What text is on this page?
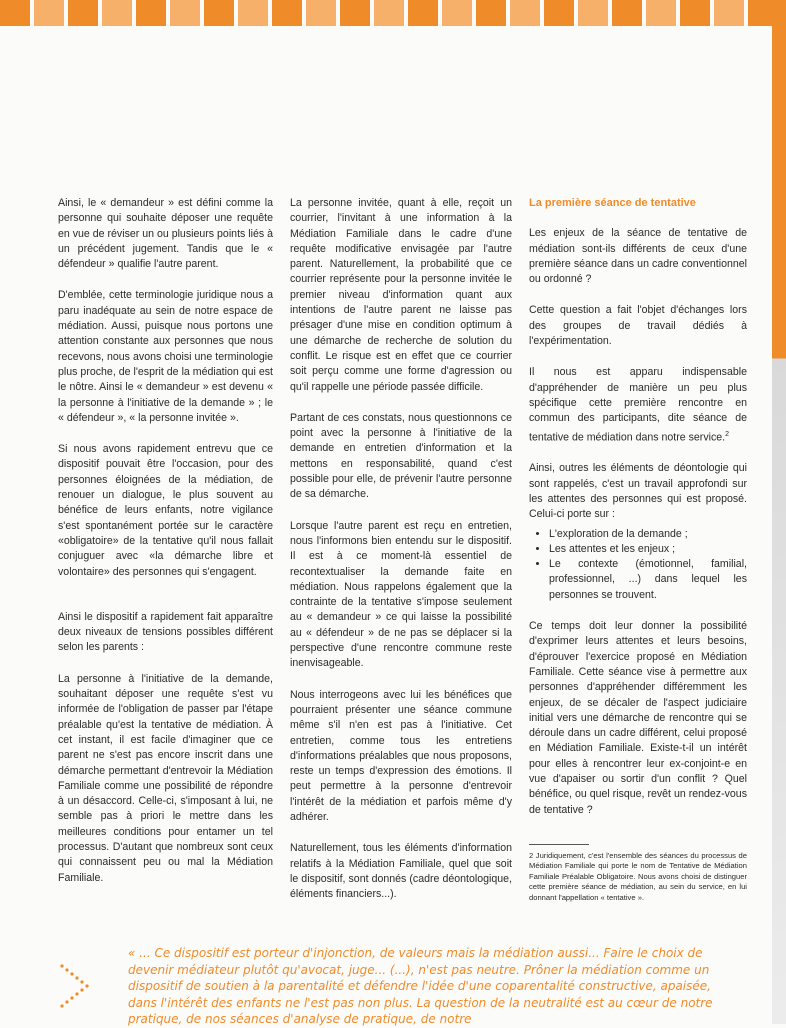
Ainsi, le « demandeur » est défini comme la personne qui souhaite déposer une requête en vue de réviser un ou plusieurs points liés à un précédent jugement. Tandis que le « défendeur » qualifie l'autre parent.

D'emblée, cette terminologie juridique nous a paru inadéquate au sein de notre espace de médiation. Aussi, puisque nous portons une attention constante aux personnes que nous recevons, nous avons choisi une terminologie plus proche, de l'esprit de la médiation qui est le nôtre. Ainsi le « demandeur » est devenu « la personne à l'initiative de la demande » ; le « défendeur », « la personne invitée ».

Si nous avons rapidement entrevu que ce dispositif pouvait être l'occasion, pour des personnes éloignées de la médiation, de renouer un dialogue, le plus souvent au bénéfice de leurs enfants, notre vigilance s'est spontanément portée sur le caractère «obligatoire» de la tentative qu'il nous fallait conjuguer avec «la démarche libre et volontaire» des personnes qui s'engagent.

Ainsi le dispositif a rapidement fait apparaître deux niveaux de tensions possibles différent selon les parents :

La personne à l'initiative de la demande, souhaitant déposer une requête s'est vu informée de l'obligation de passer par l'étape préalable qu'est la tentative de médiation. À cet instant, il est facile d'imaginer que ce parent ne s'est pas encore inscrit dans une démarche permettant d'entrevoir la Médiation Familiale comme une possibilité de répondre à un désaccord. Celle-ci, s'imposant à lui, ne semble pas à priori le mettre dans les meilleures conditions pour entamer un tel processus. D'autant que nombreux sont ceux qui connaissent peu ou mal la Médiation Familiale.

La personne invitée, quant à elle, reçoit un courrier, l'invitant à une information à la Médiation Familiale dans le cadre d'une requête modificative envisagée par l'autre parent. Naturellement, la probabilité que ce courrier représente pour la personne invitée le premier niveau d'information quant aux intentions de l'autre parent ne laisse pas présager d'une mise en condition optimum à une démarche de recherche de solution du conflit. Le risque est en effet que ce courrier soit perçu comme une forme d'agression ou qu'il rappelle une période passée difficile.

Partant de ces constats, nous questionnons ce point avec la personne à l'initiative de la demande en entretien d'information et la mettons en responsabilité, quand c'est possible pour elle, de prévenir l'autre personne de sa démarche.

Lorsque l'autre parent est reçu en entretien, nous l'informons bien entendu sur le dispositif. Il est à ce moment-là essentiel de recontextualiser la demande faite en médiation. Nous rappelons également que la contrainte de la tentative s'impose seulement au « demandeur » ce qui laisse la possibilité au « défendeur » de ne pas se déplacer si la perspective d'une rencontre commune reste inenvisageable.

Nous interrogeons avec lui les bénéfices que pourraient présenter une séance commune même s'il n'en est pas à l'initiative. Cet entretien, comme tous les entretiens d'informations préalables que nous proposons, reste un temps d'expression des émotions. Il peut permettre à la personne d'entrevoir l'intérêt de la médiation et parfois même d'y adhérer.

Naturellement, tous les éléments d'information relatifs à la Médiation Familiale, quel que soit le dispositif, sont donnés (cadre déontologique, éléments financiers...).

La première séance de tentative

Les enjeux de la séance de tentative de médiation sont-ils différents de ceux d'une première séance dans un cadre conventionnel ou ordonné ?

Cette question a fait l'objet d'échanges lors des groupes de travail dédiés à l'expérimentation.

Il nous est apparu indispensable d'appréhender de manière un peu plus spécifique cette première rencontre en commun des participants, dite séance de tentative de médiation dans notre service.$^2$

Ainsi, outres les éléments de déontologie qui sont rappelés, c'est un travail approfondi sur les attentes des personnes qui est proposé. Celui-ci porte sur :

• L'exploration de la demande ;
• Les attentes et les enjeux ;
• Le contexte (émotionnel, familial, professionnel, ...) dans lequel les personnes se trouvent.

Ce temps doit leur donner la possibilité d'exprimer leurs attentes et leurs besoins, d'éprouver l'exercice proposé en Médiation Familiale. Cette séance vise à permettre aux personnes d'appréhender différemment les enjeux, de se décaler de l'aspect judiciaire initial vers une démarche de rencontre qui se déroule dans un cadre différent, celui proposé en Médiation Familiale. Existe-t-il un intérêt pour elles à rencontrer leur ex-conjoint-e en vue d'apaiser ou sortir d'un conflit ? Quel bénéfice, ou quel risque, revêt un rendez-vous de tentative ?

2 Juridiquement, c'est l'ensemble des séances du processus de Médiation Familiale qui porte le nom de Tentative de Médiation Familiale Préalable Obligatoire. Nous avons choisi de distinguer cette première séance de médiation, au sein du service, en lui donnant l'appellation « tentative ».
« ... Ce dispositif est porteur d'injonction, de valeurs mais la médiation aussi... Faire le choix de devenir médiateur plutôt qu'avocat, juge... (...), n'est pas neutre. Prôner la médiation comme un dispositif de soutien à la parentalité et défendre l'idée d'une coparentalité constructive, apaisée, dans l'intérêt des enfants ne l'est pas non plus. La question de la neutralité est au cœur de notre pratique, de nos séances d'analyse de pratique, de notre
